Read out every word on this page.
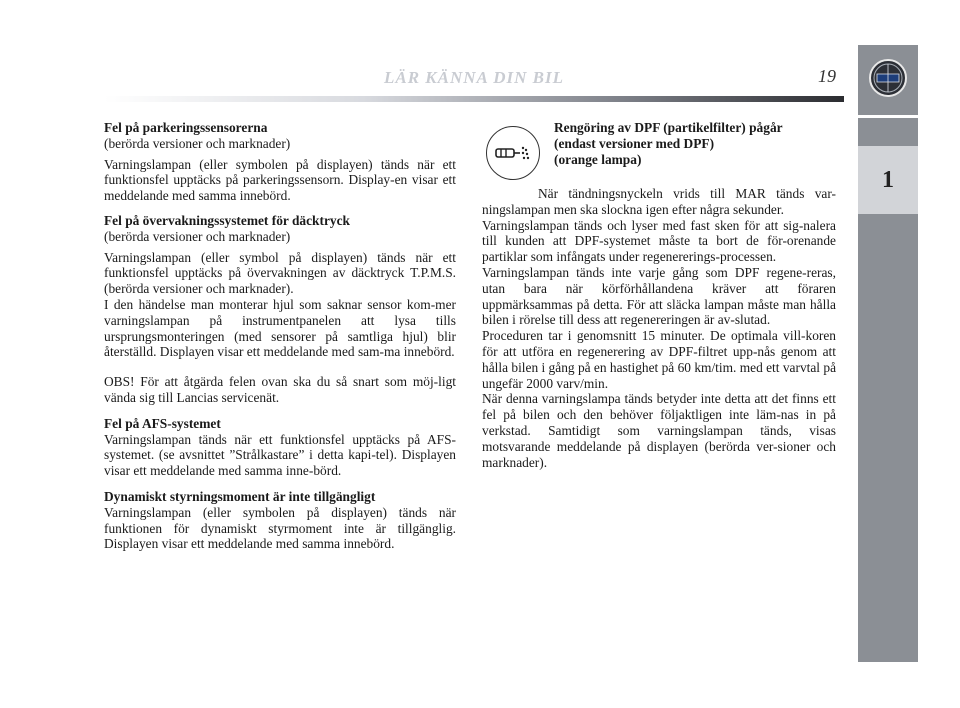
LÄR KÄNNA DIN BIL	19
1

Fel på parkeringssensorerna

(berörda versioner och marknader)

Varningslampan (eller symbolen på displayen) tänds när ett funktionsfel upptäcks på parkeringssensorn. Display-en visar ett meddelande med samma innebörd.

Fel på övervakningssystemet för däcktryck

(berörda versioner och marknader)

Varningslampan (eller symbol på displayen) tänds när ett funktionsfel upptäcks på övervakningen av däcktryck T.P.M.S. (berörda versioner och marknader).

I den händelse man monterar hjul som saknar sensor kom-mer varningslampan på instrumentpanelen att lysa tills ursprungsmonteringen (med sensorer på samtliga hjul) blir återställd. Displayen visar ett meddelande med sam-ma innebörd.

OBS! För att åtgärda felen ovan ska du så snart som möj-ligt vända sig till Lancias servicenät.

Fel på AFS-systemet

Varningslampan tänds när ett funktionsfel upptäcks på AFS-systemet. (se avsnittet ”Strålkastare” i detta kapi-tel). Displayen visar ett meddelande med samma inne-börd.

Dynamiskt styrningsmoment är inte tillgängligt

Varningslampan (eller symbolen på displayen) tänds när funktionen för dynamiskt styrmoment inte är tillgänglig. Displayen visar ett meddelande med samma innebörd.

Rengöring av DPF (partikelfilter) pågår
(endast versioner med DPF)
(orange lampa)

När tändningsnyckeln vrids till MAR tänds var-ningslampan men ska slockna igen efter några sekunder.

Varningslampan tänds och lyser med fast sken för att sig-nalera till kunden att DPF-systemet måste ta bort de för-orenande partiklar som infångats under regenererings-processen.

Varningslampan tänds inte varje gång som DPF regene-reras, utan bara när körförhållandena kräver att föraren uppmärksammas på detta. För att släcka lampan måste man hålla bilen i rörelse till dess att regenereringen är av-slutad.

Proceduren tar i genomsnitt 15 minuter. De optimala vill-koren för att utföra en regenerering av DPF-filtret upp-nås genom att hålla bilen i gång på en hastighet på 60 km/tim. med ett varvtal på ungefär 2000 varv/min.

När denna varningslampa tänds betyder inte detta att det finns ett fel på bilen och den behöver följaktligen inte läm-nas in på verkstad. Samtidigt som varningslampan tänds, visas motsvarande meddelande på displayen (berörda ver-sioner och marknader).
